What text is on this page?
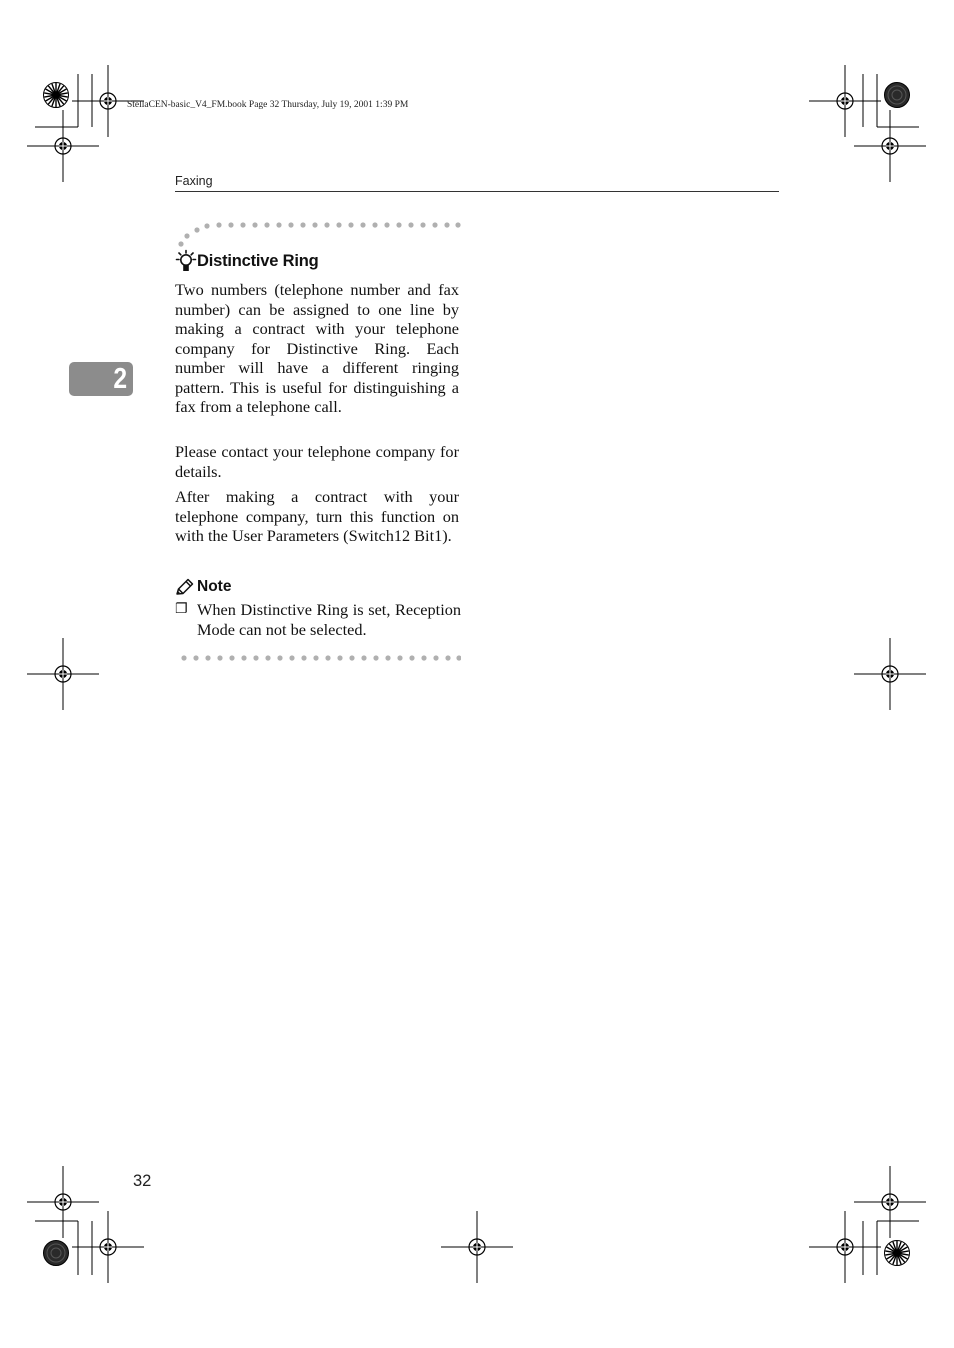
StellaCEN-basic_V4_FM.book Page 32 Thursday, July 19, 2001 1:39 PM
Faxing
2
Distinctive Ring

Two numbers (telephone number and fax number) can be assigned to one line by making a contract with your telephone company for Distinctive Ring. Each number will have a different ringing pattern. This is useful for distinguishing a fax from a telephone call.

Please contact your telephone company for details.

After making a contract with your telephone company, turn this function on with the User Parameters (Switch12 Bit1).

Note
❐ When Distinctive Ring is set, Reception Mode can not be selected.
32
